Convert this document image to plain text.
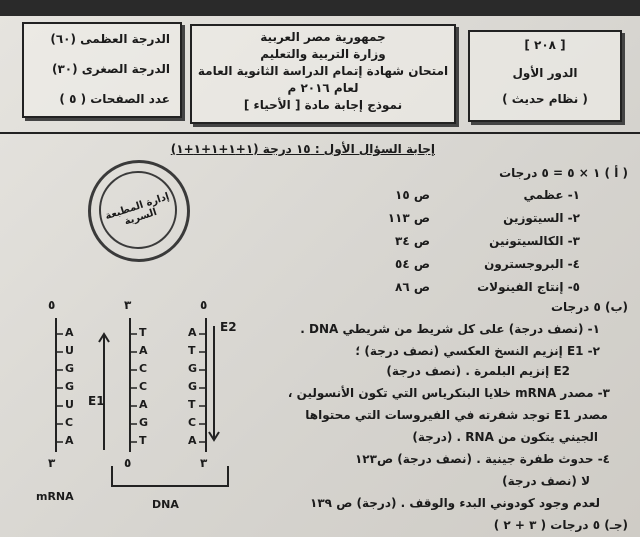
[ ٢٠٨ ]
الدور الأول
( نظام حديث )
جمهورية مصر العربية
وزارة التربية والتعليم
امتحان شهادة إتمام الدراسة الثانوية العامة
لعام ٢٠١٦ م
نموذج إجابة مادة [ الأحياء ]
الدرجة العظمى (٦٠)
الدرجة الصغرى (٣٠)
عدد الصفحات ( ٥ )
إجابة السؤال الأول : ١٥ درجة (١+١+١+١+١)
( أ ) ١ × ٥ = ٥ درجات
١- عظمي
ص ١٥
٢- السيتوزين
ص ١١٣
٣- الكالسيتونين
ص ٣٤
٤- البروجسترون
ص ٥٤
٥- إنتاج الفينولات
ص ٨٦
(ب) ٥ درجات
١- (نصف درجة) على كل شريط من شريطي DNA .
٢- E1 إنزيم النسخ العكسي (نصف درجة) ؛
E2 إنزيم البلمرة . (نصف درجة)
٣- مصدر mRNA خلايا البنكرياس التي تكون الأنسولين ،
مصدر E1 توجد شفرته في الفيروسات التي محتواها
الجيني يتكون من RNA . (درجة)
٤- حدوث طفرة جينية . (نصف درجة) ص١٢٣
لا (نصف درجة)
لعدم وجود كودوني البدء والوقف . (درجة) ص ١٣٩
(جـ) ٥ درجات ( ٣ + ٢ )
إدارة المطبعة السرية
٥
٣
mRNA
٣
٥
٥
٣
E1
E2
DNA
A
U
G
G
U
C
A
T
A
C
C
A
G
T
A
T
G
G
T
C
A
